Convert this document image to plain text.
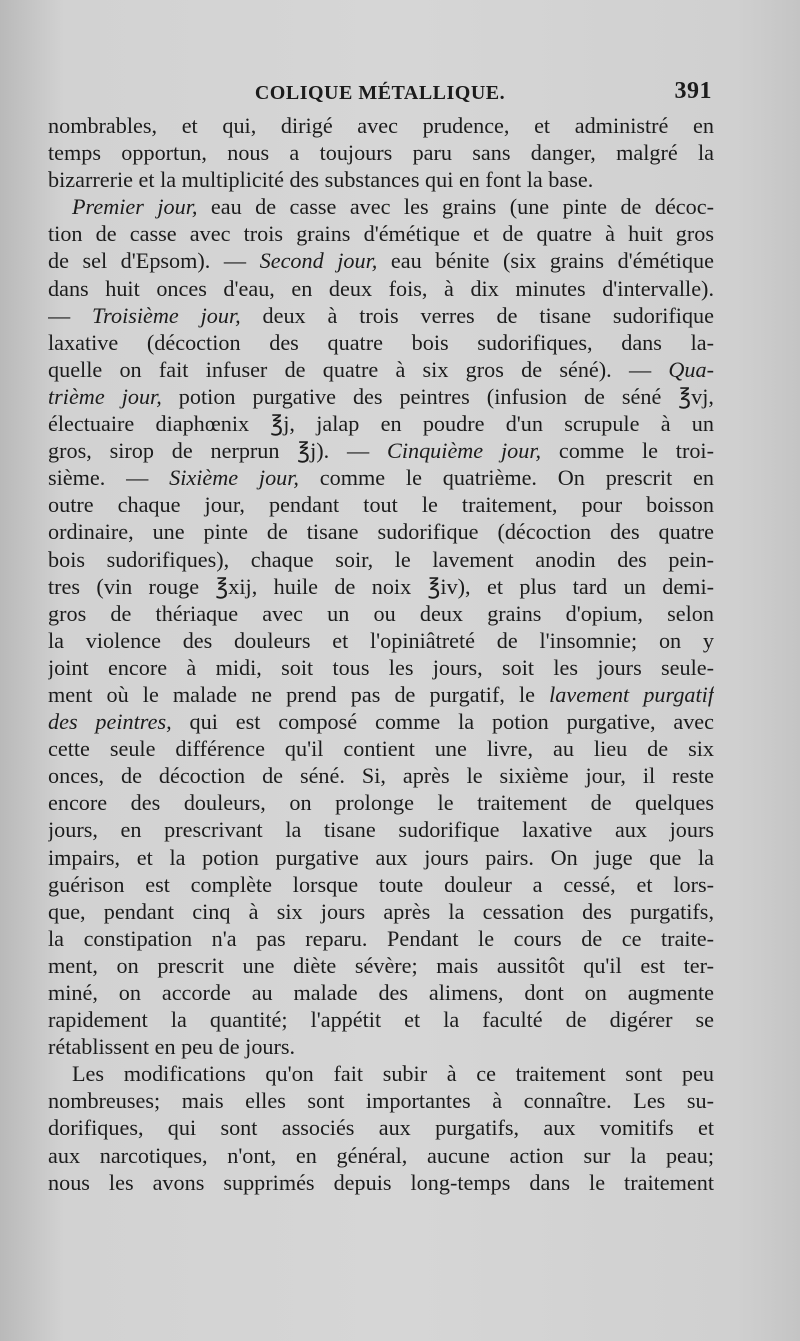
COLIQUE MÉTALLIQUE.	391
nombrables, et qui, dirigé avec prudence, et administré en
temps opportun, nous a toujours paru sans danger, malgré la
bizarrerie et la multiplicité des substances qui en font la base.
Premier jour, eau de casse avec les grains (une pinte de décoc-
tion de casse avec trois grains d'émétique et de quatre à huit gros
de sel d'Epsom). — Second jour, eau bénite (six grains d'émétique
dans huit onces d'eau, en deux fois, à dix minutes d'intervalle).
— Troisième jour, deux à trois verres de tisane sudorifique
laxative (décoction des quatre bois sudorifiques, dans la-
quelle on fait infuser de quatre à six gros de séné). — Qua-
trième jour, potion purgative des peintres (infusion de séné ℥vj,
électuaire diaphœnix ℥j, jalap en poudre d'un scrupule à un
gros, sirop de nerprun ℥j). — Cinquième jour, comme le troi-
sième. — Sixième jour, comme le quatrième. On prescrit en
outre chaque jour, pendant tout le traitement, pour boisson
ordinaire, une pinte de tisane sudorifique (décoction des quatre
bois sudorifiques), chaque soir, le lavement anodin des pein-
tres (vin rouge ℥xij, huile de noix ℥iv), et plus tard un demi-
gros de thériaque avec un ou deux grains d'opium, selon
la violence des douleurs et l'opiniâtreté de l'insomnie; on y
joint encore à midi, soit tous les jours, soit les jours seule-
ment où le malade ne prend pas de purgatif, le lavement purgatif
des peintres, qui est composé comme la potion purgative, avec
cette seule différence qu'il contient une livre, au lieu de six
onces, de décoction de séné. Si, après le sixième jour, il reste
encore des douleurs, on prolonge le traitement de quelques
jours, en prescrivant la tisane sudorifique laxative aux jours
impairs, et la potion purgative aux jours pairs. On juge que la
guérison est complète lorsque toute douleur a cessé, et lors-
que, pendant cinq à six jours après la cessation des purgatifs,
la constipation n'a pas reparu. Pendant le cours de ce traite-
ment, on prescrit une diète sévère; mais aussitôt qu'il est ter-
miné, on accorde au malade des alimens, dont on augmente
rapidement la quantité; l'appétit et la faculté de digérer se
rétablissent en peu de jours.
Les modifications qu'on fait subir à ce traitement sont peu
nombreuses; mais elles sont importantes à connaître. Les su-
dorifiques, qui sont associés aux purgatifs, aux vomitifs et
aux narcotiques, n'ont, en général, aucune action sur la peau;
nous les avons supprimés depuis long-temps dans le traitement
